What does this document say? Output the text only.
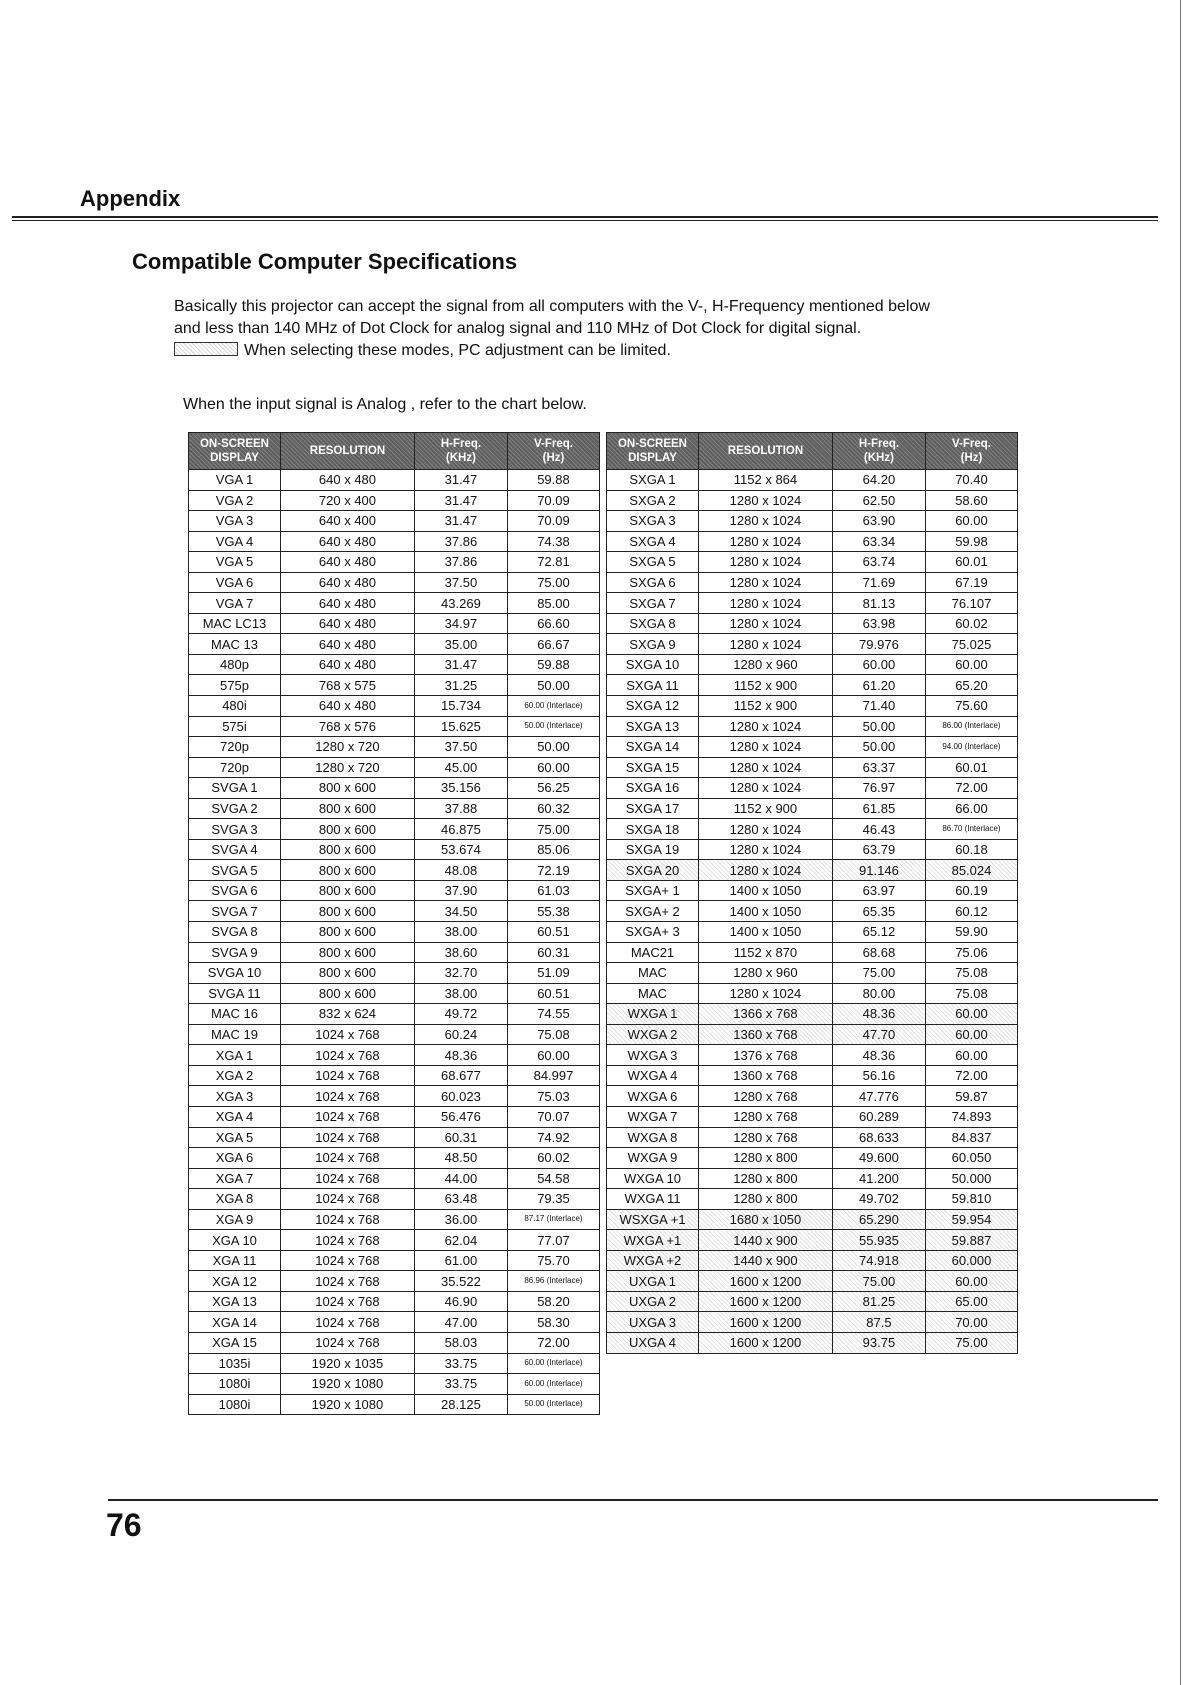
Appendix
Compatible Computer Specifications

Basically this projector can accept the signal from all computers with the V-, H-Frequency mentioned below

and less than 140 MHz of Dot Clock for analog signal and 110 MHz of Dot Clock for digital signal.

When selecting these modes, PC adjustment can be limited.

When the input signal is Analog , refer to the chart below.
ON-SCREEN
DISPLAY	RESOLUTION	H-Freq.
(KHz)	V-Freq.
(Hz)
VGA 1	640 x 480	31.47	59.88
VGA 2	720 x 400	31.47	70.09
VGA 3	640 x 400	31.47	70.09
VGA 4	640 x 480	37.86	74.38
VGA 5	640 x 480	37.86	72.81
VGA 6	640 x 480	37.50	75.00
VGA 7	640 x 480	43.269	85.00
MAC LC13	640 x 480	34.97	66.60
MAC 13	640 x 480	35.00	66.67
480p	640 x 480	31.47	59.88
575p	768 x 575	31.25	50.00
480i	640 x 480	15.734	60.00 (Interlace)
575i	768 x 576	15.625	50.00 (Interlace)
720p	1280 x 720	37.50	50.00
720p	1280 x 720	45.00	60.00
SVGA 1	800 x 600	35.156	56.25
SVGA 2	800 x 600	37.88	60.32
SVGA 3	800 x 600	46.875	75.00
SVGA 4	800 x 600	53.674	85.06
SVGA 5	800 x 600	48.08	72.19
SVGA 6	800 x 600	37.90	61.03
SVGA 7	800 x 600	34.50	55.38
SVGA 8	800 x 600	38.00	60.51
SVGA 9	800 x 600	38.60	60.31
SVGA 10	800 x 600	32.70	51.09
SVGA 11	800 x 600	38.00	60.51
MAC 16	832 x 624	49.72	74.55
MAC 19	1024 x 768	60.24	75.08
XGA 1	1024 x 768	48.36	60.00
XGA 2	1024 x 768	68.677	84.997
XGA 3	1024 x 768	60.023	75.03
XGA 4	1024 x 768	56.476	70.07
XGA 5	1024 x 768	60.31	74.92
XGA 6	1024 x 768	48.50	60.02
XGA 7	1024 x 768	44.00	54.58
XGA 8	1024 x 768	63.48	79.35
XGA 9	1024 x 768	36.00	87.17 (Interlace)
XGA 10	1024 x 768	62.04	77.07
XGA 11	1024 x 768	61.00	75.70
XGA 12	1024 x 768	35.522	86.96 (Interlace)
XGA 13	1024 x 768	46.90	58.20
XGA 14	1024 x 768	47.00	58.30
XGA 15	1024 x 768	58.03	72.00
1035i	1920 x 1035	33.75	60.00 (Interlace)
1080i	1920 x 1080	33.75	60.00 (Interlace)
1080i	1920 x 1080	28.125	50.00 (Interlace)
ON-SCREEN
DISPLAY	RESOLUTION	H-Freq.
(KHz)	V-Freq.
(Hz)
SXGA 1	1152 x 864	64.20	70.40
SXGA 2	1280 x 1024	62.50	58.60
SXGA 3	1280 x 1024	63.90	60.00
SXGA 4	1280 x 1024	63.34	59.98
SXGA 5	1280 x 1024	63.74	60.01
SXGA 6	1280 x 1024	71.69	67.19
SXGA 7	1280 x 1024	81.13	76.107
SXGA 8	1280 x 1024	63.98	60.02
SXGA 9	1280 x 1024	79.976	75.025
SXGA 10	1280 x 960	60.00	60.00
SXGA 11	1152 x 900	61.20	65.20
SXGA 12	1152 x 900	71.40	75.60
SXGA 13	1280 x 1024	50.00	86.00 (Interlace)
SXGA 14	1280 x 1024	50.00	94.00 (Interlace)
SXGA 15	1280 x 1024	63.37	60.01
SXGA 16	1280 x 1024	76.97	72.00
SXGA 17	1152 x 900	61.85	66.00
SXGA 18	1280 x 1024	46.43	86.70 (Interlace)
SXGA 19	1280 x 1024	63.79	60.18
SXGA 20	1280 x 1024	91.146	85.024
SXGA+ 1	1400 x 1050	63.97	60.19
SXGA+ 2	1400 x 1050	65.35	60.12
SXGA+ 3	1400 x 1050	65.12	59.90
MAC21	1152 x 870	68.68	75.06
MAC	1280 x 960	75.00	75.08
MAC	1280 x 1024	80.00	75.08
WXGA 1	1366 x 768	48.36	60.00
WXGA 2	1360 x 768	47.70	60.00
WXGA 3	1376 x 768	48.36	60.00
WXGA 4	1360 x 768	56.16	72.00
WXGA 6	1280 x 768	47.776	59.87
WXGA 7	1280 x 768	60.289	74.893
WXGA 8	1280 x 768	68.633	84.837
WXGA 9	1280 x 800	49.600	60.050
WXGA 10	1280 x 800	41.200	50.000
WXGA 11	1280 x 800	49.702	59.810
WSXGA +1	1680 x 1050	65.290	59.954
WXGA +1	1440 x 900	55.935	59.887
WXGA +2	1440 x 900	74.918	60.000
UXGA 1	1600 x 1200	75.00	60.00
UXGA 2	1600 x 1200	81.25	65.00
UXGA 3	1600 x 1200	87.5	70.00
UXGA 4	1600 x 1200	93.75	75.00
76
